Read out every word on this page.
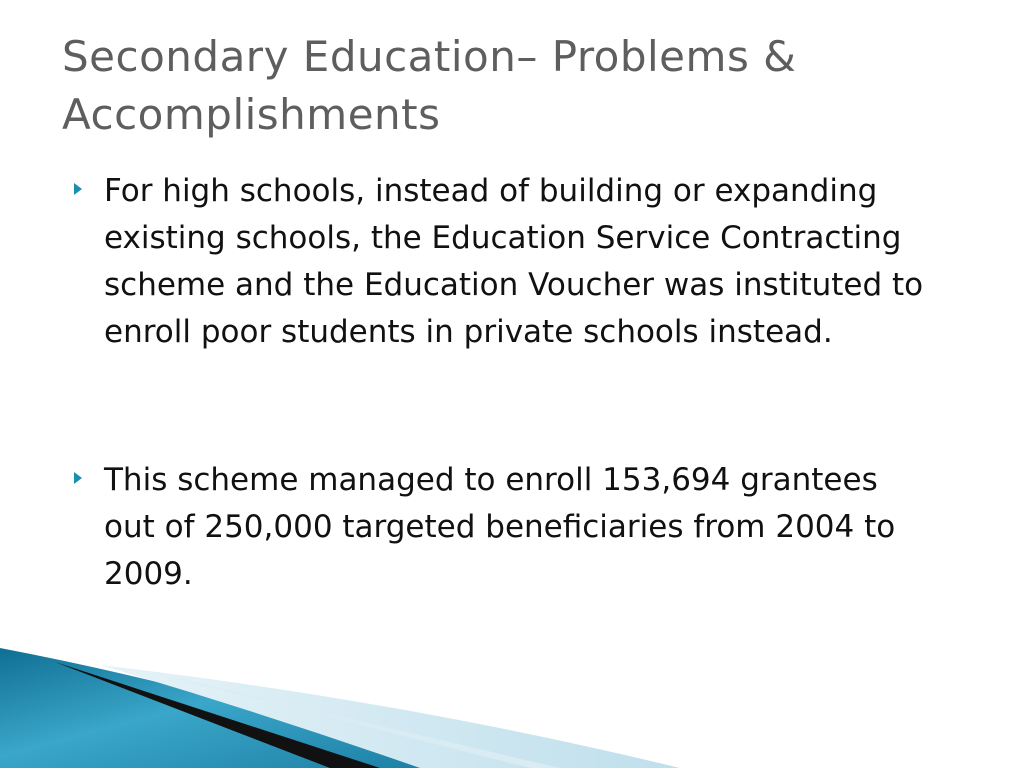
Secondary Education– Problems & Accomplishments

For high schools, instead of building or expanding existing schools, the Education Service Contracting scheme and the Education Voucher was instituted to enroll poor students in private schools instead.

This scheme managed to enroll 153,694 grantees out of 250,000 targeted beneficiaries from 2004 to 2009.
